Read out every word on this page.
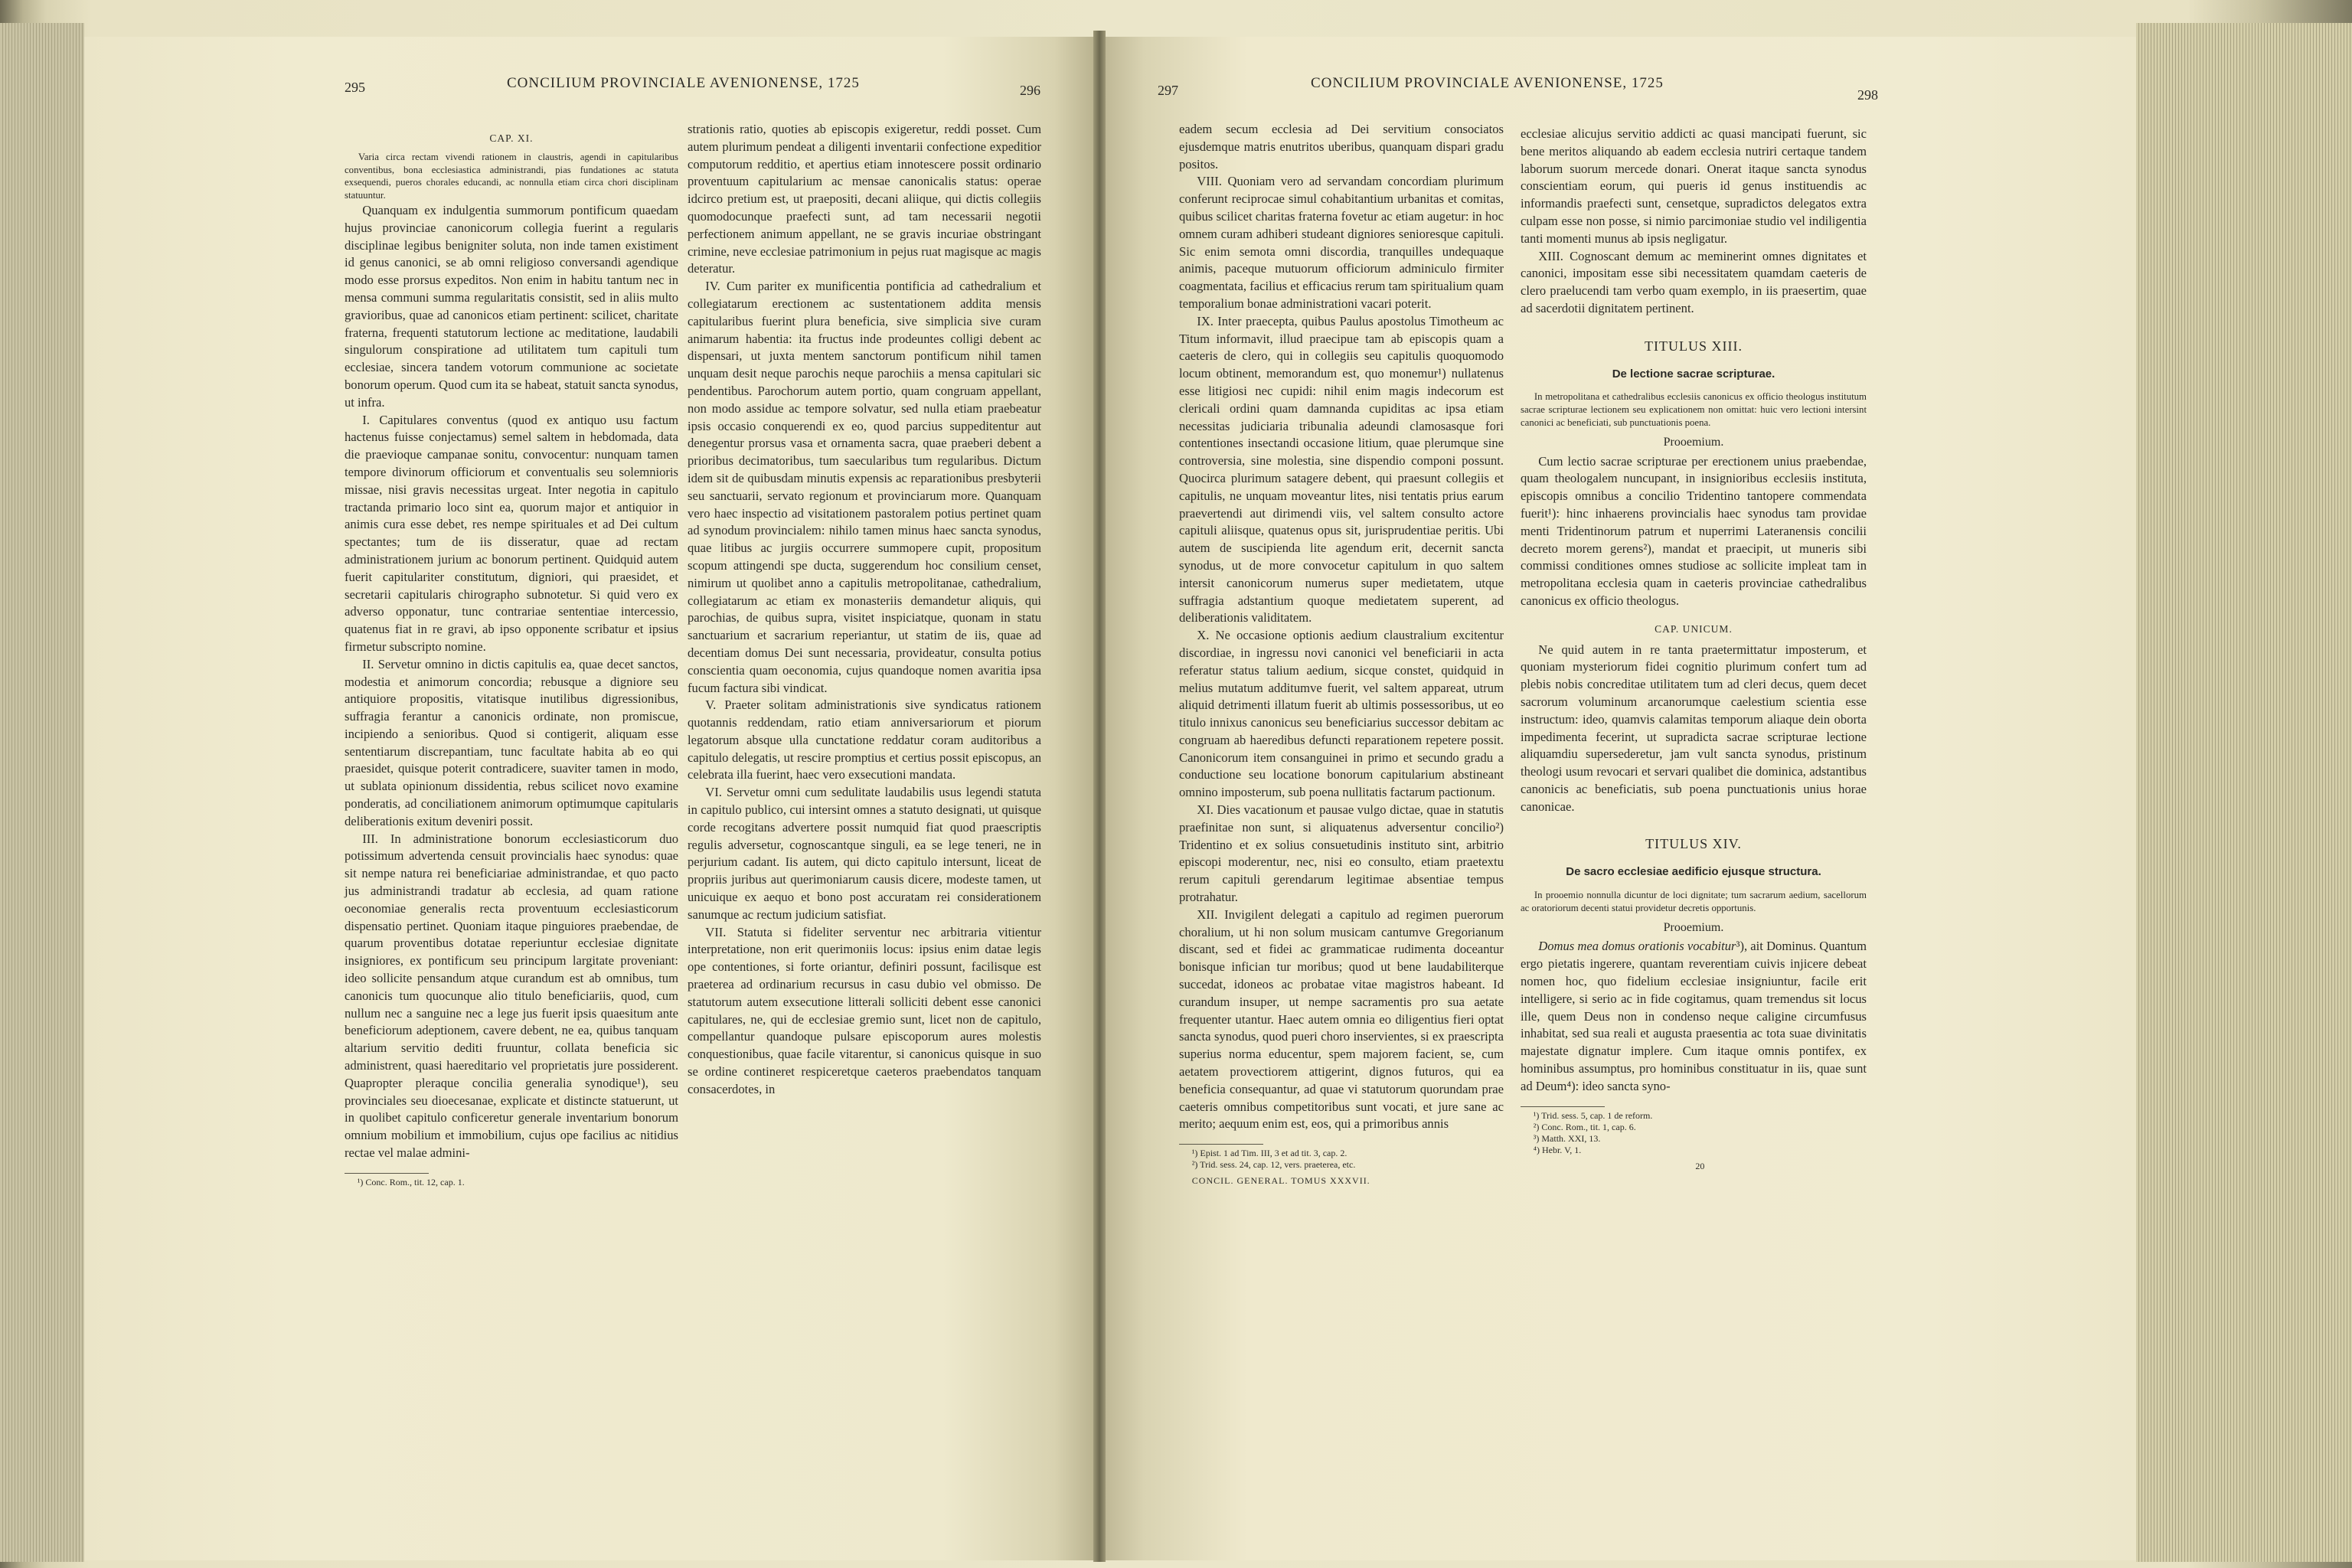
295	CONCILIUM PROVINCIALE AVENIONENSE, 1725	296	297	CONCILIUM PROVINCIALE AVENIONENSE, 1725
298
CAP. XI.

Varia circa rectam vivendi rationem in claustris, agendi in capitularibus conventibus, bona ecclesiastica administrandi, pias fundationes ac statuta exsequendi, pueros chorales educandi, ac nonnulla etiam circa chori disciplinam statuuntur.

Quanquam ex indulgentia summorum pontificum quaedam hujus provinciae canonicorum collegia fuerint a regularis disciplinae legibus benigniter soluta, non inde tamen existiment id genus canonici, se ab omni religioso conversandi agendique modo esse prorsus expeditos. Non enim in habitu tantum nec in mensa communi summa regularitatis consistit, sed in aliis multo gravioribus, quae ad canonicos etiam pertinent: scilicet, charitate fraterna, frequenti statutorum lectione ac meditatione, laudabili singulorum conspiratione ad utilitatem tum capituli tum ecclesiae, sincera tandem votorum communione ac societate bonorum operum. Quod cum ita se habeat, statuit sancta synodus, ut infra.

I. Capitulares conventus (quod ex antiquo usu factum hactenus fuisse conjectamus) semel saltem in hebdomada, data die praevioque campanae sonitu, convocentur: nunquam tamen tempore divinorum officiorum et conventualis seu solemnioris missae, nisi gravis necessitas urgeat. Inter negotia in capitulo tractanda primario loco sint ea, quorum major et antiquior in animis cura esse debet, res nempe spirituales et ad Dei cultum spectantes; tum de iis disseratur, quae ad rectam administrationem jurium ac bonorum pertinent. Quidquid autem fuerit capitulariter constitutum, digniori, qui praesidet, et secretarii capitularis chirographo subnotetur. Si quid vero ex adverso opponatur, tunc contrariae sententiae intercessio, quatenus fiat in re gravi, ab ipso opponente scribatur et ipsius firmetur subscripto nomine.

II. Servetur omnino in dictis capitulis ea, quae decet sanctos, modestia et animorum concordia; rebusque a digniore seu antiquiore propositis, vitatisque inutilibus digressionibus, suffragia ferantur a canonicis ordinate, non promiscue, incipiendo a senioribus. Quod si contigerit, aliquam esse sententiarum discrepantiam, tunc facultate habita ab eo qui praesidet, quisque poterit contradicere, suaviter tamen in modo, ut sublata opinionum dissidentia, rebus scilicet novo examine ponderatis, ad conciliationem animorum optimumque capitularis deliberationis exitum deveniri possit.

III. In administratione bonorum ecclesiasticorum duo potissimum advertenda censuit provincialis haec synodus: quae sit nempe natura rei beneficiariae administrandae, et quo pacto jus administrandi tradatur ab ecclesia, ad quam ratione oeconomiae generalis recta proventuum ecclesiasticorum dispensatio pertinet. Quoniam itaque pinguiores praebendae, de quarum proventibus dotatae reperiuntur ecclesiae dignitate insigniores, ex pontificum seu principum largitate proveniant: ideo sollicite pensandum atque curandum est ab omnibus, tum canonicis tum quocunque alio titulo beneficiariis, quod, cum nullum nec a sanguine nec a lege jus fuerit ipsis quaesitum ante beneficiorum adeptionem, cavere debent, ne ea, quibus tanquam altarium servitio dediti fruuntur, collata beneficia sic administrent, quasi haereditario vel proprietatis jure possiderent. Quapropter pleraque concilia generalia synodique¹), seu provinciales seu dioecesanae, explicate et distincte statuerunt, ut in quolibet capitulo conficeretur generale inventarium bonorum omnium mobilium et immobilium, cujus ope facilius ac nitidius rectae vel malae admini-

¹) Conc. Rom., tit. 12, cap. 1.

strationis ratio, quoties ab episcopis exigeretur, reddi posset. Cum autem plurimum pendeat a diligenti inventarii confectione expeditior computorum redditio, et apertius etiam innotescere possit ordinario proventuum capitularium ac mensae canonicalis status: operae idcirco pretium est, ut praepositi, decani aliique, qui dictis collegiis quomodocunque praefecti sunt, ad tam necessarii negotii perfectionem animum appellant, ne se gravis incuriae obstringant crimine, neve ecclesiae patrimonium in pejus ruat magisque ac magis deteratur.

IV. Cum pariter ex munificentia pontificia ad cathedralium et collegiatarum erectionem ac sustentationem addita mensis capitularibus fuerint plura beneficia, sive simplicia sive curam animarum habentia: ita fructus inde prodeuntes colligi debent ac dispensari, ut juxta mentem sanctorum pontificum nihil tamen unquam desit neque parochis neque parochiis a mensa capitulari sic pendentibus. Parochorum autem portio, quam congruam appellant, non modo assidue ac tempore solvatur, sed nulla etiam praebeatur ipsis occasio conquerendi ex eo, quod parcius suppeditentur aut denegentur prorsus vasa et ornamenta sacra, quae praeberi debent a prioribus decimatoribus, tum saecularibus tum regularibus. Dictum idem sit de quibusdam minutis expensis ac reparationibus presbyterii seu sanctuarii, servato regionum et provinciarum more. Quanquam vero haec inspectio ad visitationem pastoralem potius pertinet quam ad synodum provincialem: nihilo tamen minus haec sancta synodus, quae litibus ac jurgiis occurrere summopere cupit, propositum scopum attingendi spe ducta, suggerendum hoc consilium censet, nimirum ut quolibet anno a capitulis metropolitanae, cathedralium, collegiatarum ac etiam ex monasteriis demandetur aliquis, qui parochias, de quibus supra, visitet inspiciatque, quonam in statu sanctuarium et sacrarium reperiantur, ut statim de iis, quae ad decentiam domus Dei sunt necessaria, provideatur, consulta potius conscientia quam oeconomia, cujus quandoque nomen avaritia ipsa fucum factura sibi vindicat.

V. Praeter solitam administrationis sive syndicatus rationem quotannis reddendam, ratio etiam anniversariorum et piorum legatorum absque ulla cunctatione reddatur coram auditoribus a capitulo delegatis, ut rescire promptius et certius possit episcopus, an celebrata illa fuerint, haec vero exsecutioni mandata.

VI. Servetur omni cum sedulitate laudabilis usus legendi statuta in capitulo publico, cui intersint omnes a statuto designati, ut quisque corde recogitans advertere possit numquid fiat quod praescriptis regulis adversetur, cognoscantque singuli, ea se lege teneri, ne in perjurium cadant. Iis autem, qui dicto capitulo intersunt, liceat de propriis juribus aut querimoniarum causis dicere, modeste tamen, ut unicuique ex aequo et bono post accuratam rei considerationem sanumque ac rectum judicium satisfiat.

VII. Statuta si fideliter serventur nec arbitraria vitientur interpretatione, non erit querimoniis locus: ipsius enim datae legis ope contentiones, si forte oriantur, definiri possunt, facilisque est praeterea ad ordinarium recursus in casu dubio vel obmisso. De statutorum autem exsecutione litterali solliciti debent esse canonici capitulares, ne, qui de ecclesiae gremio sunt, licet non de capitulo, compellantur quandoque pulsare episcoporum aures molestis conquestionibus, quae facile vitarentur, si canonicus quisque in suo se ordine contineret respiceretque caeteros praebendatos tanquam consacerdotes, in

eadem secum ecclesia ad Dei servitium consociatos ejusdemque matris enutritos uberibus, quanquam dispari gradu positos.

VIII. Quoniam vero ad servandam concordiam plurimum conferunt reciprocae simul cohabitantium urbanitas et comitas, quibus scilicet charitas fraterna fovetur ac etiam augetur: in hoc omnem curam adhiberi studeant digniores senioresque capituli. Sic enim semota omni discordia, tranquilles undequaque animis, paceque mutuorum officiorum adminiculo firmiter coagmentata, facilius et efficacius rerum tam spiritualium quam temporalium bonae administrationi vacari poterit.

IX. Inter praecepta, quibus Paulus apostolus Timotheum ac Titum informavit, illud praecipue tam ab episcopis quam a caeteris de clero, qui in collegiis seu capitulis quoquomodo locum obtinent, memorandum est, quo monemur¹) nullatenus esse litigiosi nec cupidi: nihil enim magis indecorum est clericali ordini quam damnanda cupiditas ac ipsa etiam necessitas judiciaria tribunalia adeundi clamosasque fori contentiones insectandi occasione litium, quae plerumque sine controversia, sine molestia, sine dispendio componi possunt. Quocirca plurimum satagere debent, qui praesunt collegiis et capitulis, ne unquam moveantur lites, nisi tentatis prius earum praevertendi aut dirimendi viis, vel saltem consulto actore capituli aliisque, quatenus opus sit, jurisprudentiae peritis. Ubi autem de suscipienda lite agendum erit, decernit sancta synodus, ut de more convocetur capitulum in quo saltem intersit canonicorum numerus super medietatem, utque suffragia adstantium quoque medietatem superent, ad deliberationis validitatem.

X. Ne occasione optionis aedium claustralium excitentur discordiae, in ingressu novi canonici vel beneficiarii in acta referatur status talium aedium, sicque constet, quidquid in melius mutatum additumve fuerit, vel saltem appareat, utrum aliquid detrimenti illatum fuerit ab ultimis possessoribus, ut eo titulo innixus canonicus seu beneficiarius successor debitam ac congruam ab haeredibus defuncti reparationem repetere possit. Canonicorum item consanguinei in primo et secundo gradu a conductione seu locatione bonorum capitularium abstineant omnino imposterum, sub poena nullitatis factarum pactionum.

XI. Dies vacationum et pausae vulgo dictae, quae in statutis praefinitae non sunt, si aliquatenus adversentur concilio²) Tridentino et ex solius consuetudinis instituto sint, arbitrio episcopi moderentur, nec, nisi eo consulto, etiam praetextu rerum capituli gerendarum legitimae absentiae tempus protrahatur.

XII. Invigilent delegati a capitulo ad regimen puerorum choralium, ut hi non solum musicam cantumve Gregorianum discant, sed et fidei ac grammaticae rudimenta doceantur bonisque infician tur moribus; quod ut bene laudabiliterque succedat, idoneos ac probatae vitae magistros habeant. Id curandum insuper, ut nempe sacramentis pro sua aetate frequenter utantur. Haec autem omnia eo diligentius fieri optat sancta synodus, quod pueri choro inservientes, si ex praescripta superius norma educentur, spem majorem facient, se, cum aetatem provectiorem attigerint, dignos futuros, qui ea beneficia consequantur, ad quae vi statutorum quorundam prae caeteris omnibus competitoribus sunt vocati, et jure sane ac merito; aequum enim est, eos, qui a primoribus annis

¹) Epist. 1 ad Tim. III, 3 et ad tit. 3, cap. 2.

²) Trid. sess. 24, cap. 12, vers. praeterea, etc.

CONCIL. GENERAL. TOMUS XXXVII.

ecclesiae alicujus servitio addicti ac quasi mancipati fuerunt, sic bene meritos aliquando ab eadem ecclesia nutriri certaque tandem laborum suorum mercede donari. Onerat itaque sancta synodus conscientiam eorum, qui pueris id genus instituendis ac informandis praefecti sunt, censetque, supradictos delegatos extra culpam esse non posse, si nimio parcimoniae studio vel indiligentia tanti momenti munus ab ipsis negligatur.

XIII. Cognoscant demum ac meminerint omnes dignitates et canonici, impositam esse sibi necessitatem quamdam caeteris de clero praelucendi tam verbo quam exemplo, in iis praesertim, quae ad sacerdotii dignitatem pertinent.

TITULUS XIII.
De lectione sacrae scripturae.

In metropolitana et cathedralibus ecclesiis canonicus ex officio theologus institutum sacrae scripturae lectionem seu explicationem non omittat: huic vero lectioni intersint canonici ac beneficiati, sub punctuationis poena.

Prooemium.

Cum lectio sacrae scripturae per erectionem unius praebendae, quam theologalem nuncupant, in insignioribus ecclesiis instituta, episcopis omnibus a concilio Tridentino tantopere commendata fuerit¹): hinc inhaerens provincialis haec synodus tam providae menti Tridentinorum patrum et nuperrimi Lateranensis concilii decreto morem gerens²), mandat et praecipit, ut muneris sibi commissi conditiones omnes studiose ac sollicite impleat tam in metropolitana ecclesia quam in caeteris provinciae cathedralibus canonicus ex officio theologus.

CAP. UNICUM.

Ne quid autem in re tanta praetermittatur imposterum, et quoniam mysteriorum fidei cognitio plurimum confert tum ad plebis nobis concreditae utilitatem tum ad cleri decus, quem decet sacrorum voluminum arcanorumque caelestium scientia esse instructum: ideo, quamvis calamitas temporum aliaque dein oborta impedimenta fecerint, ut supradicta sacrae scripturae lectione aliquamdiu supersederetur, jam vult sancta synodus, pristinum theologi usum revocari et servari qualibet die dominica, adstantibus canonicis ac beneficiatis, sub poena punctuationis unius horae canonicae.

TITULUS XIV.
De sacro ecclesiae aedificio ejusque structura.

In prooemio nonnulla dicuntur de loci dignitate; tum sacrarum aedium, sacellorum ac oratoriorum decenti statui providetur decretis opportunis.

Prooemium.

Domus mea domus orationis vocabitur³), ait Dominus. Quantum ergo pietatis ingerere, quantam reverentiam cuivis injicere debeat nomen hoc, quo fidelium ecclesiae insigniuntur, facile erit intelligere, si serio ac in fide cogitamus, quam tremendus sit locus ille, quem Deus non in condenso neque caligine circumfusus inhabitat, sed sua reali et augusta praesentia ac tota suae divinitatis majestate dignatur implere. Cum itaque omnis pontifex, ex hominibus assumptus, pro hominibus constituatur in iis, quae sunt ad Deum⁴): ideo sancta syno-

¹) Trid. sess. 5, cap. 1 de reform.

²) Conc. Rom., tit. 1, cap. 6.

³) Matth. XXI, 13.

⁴) Hebr. V, 1.

20
